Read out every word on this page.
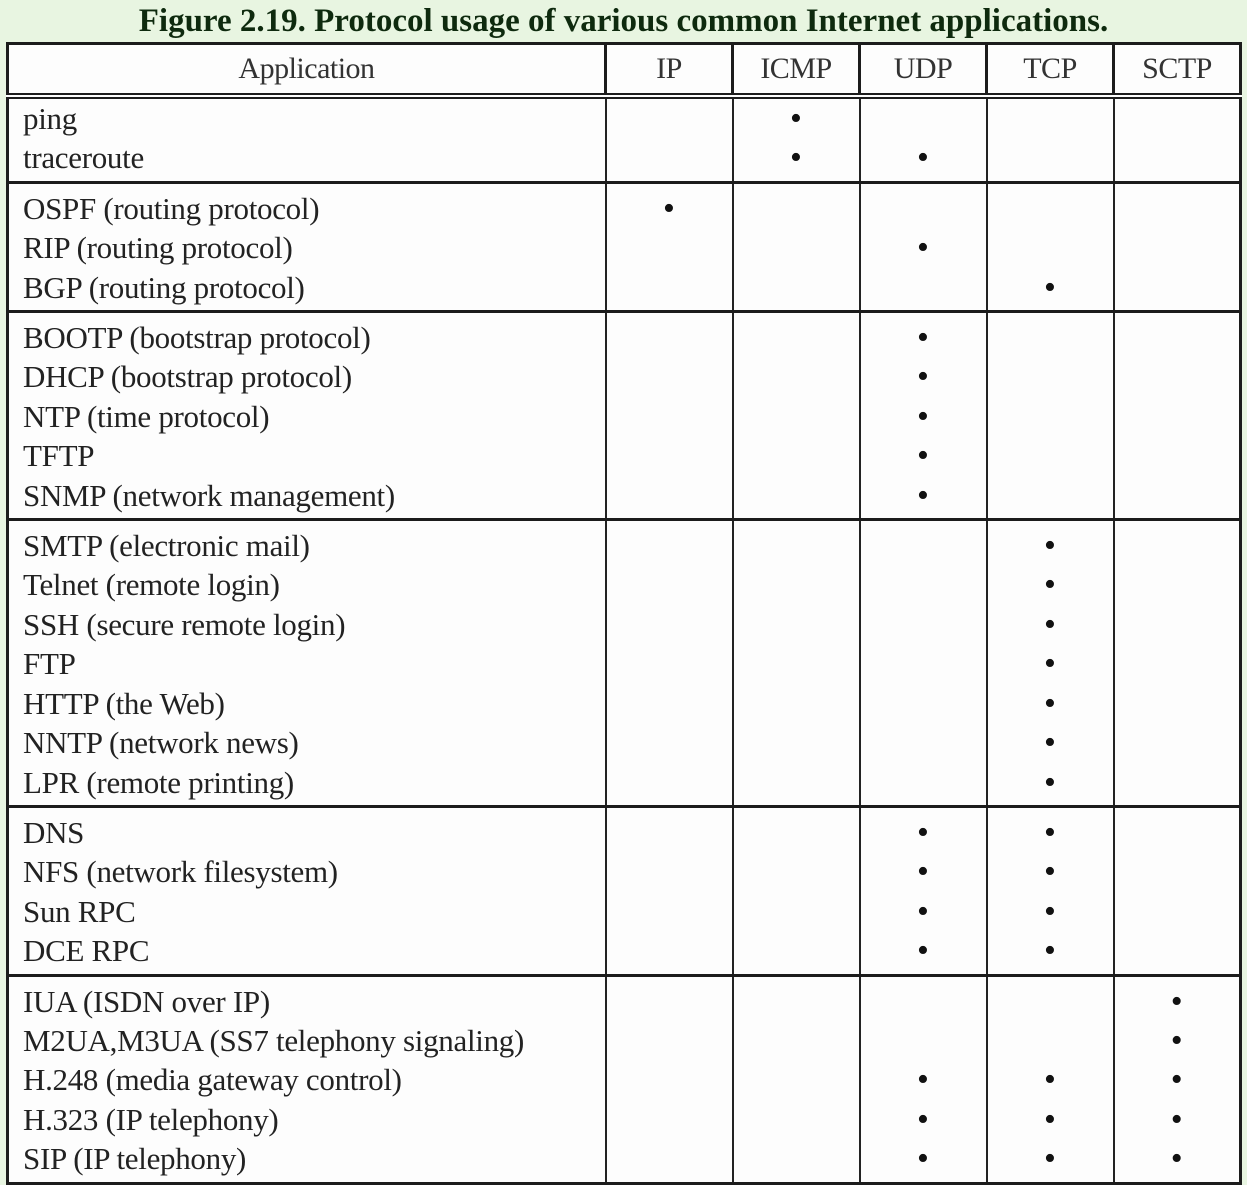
Figure 2.19. Protocol usage of various common Internet applications.
Application	IP	ICMP	UDP	TCP	SCTP
ping		•			
traceroute		•	•		
OSPF (routing protocol)	•				
RIP (routing protocol)			•		
BGP (routing protocol)				•	
BOOTP (bootstrap protocol)			•		
DHCP (bootstrap protocol)			•		
NTP (time protocol)			•		
TFTP			•		
SNMP (network management)			•		
SMTP (electronic mail)				•	
Telnet (remote login)				•	
SSH (secure remote login)				•	
FTP				•	
HTTP (the Web)				•	
NNTP (network news)				•	
LPR (remote printing)				•	
DNS			•	•	
NFS (network filesystem)			•	•	
Sun RPC			•	•	
DCE RPC			•	•	
IUA (ISDN over IP)					•
M2UA,M3UA (SS7 telephony signaling)					•
H.248 (media gateway control)			•	•	•
H.323 (IP telephony)			•	•	•
SIP (IP telephony)			•	•	•
